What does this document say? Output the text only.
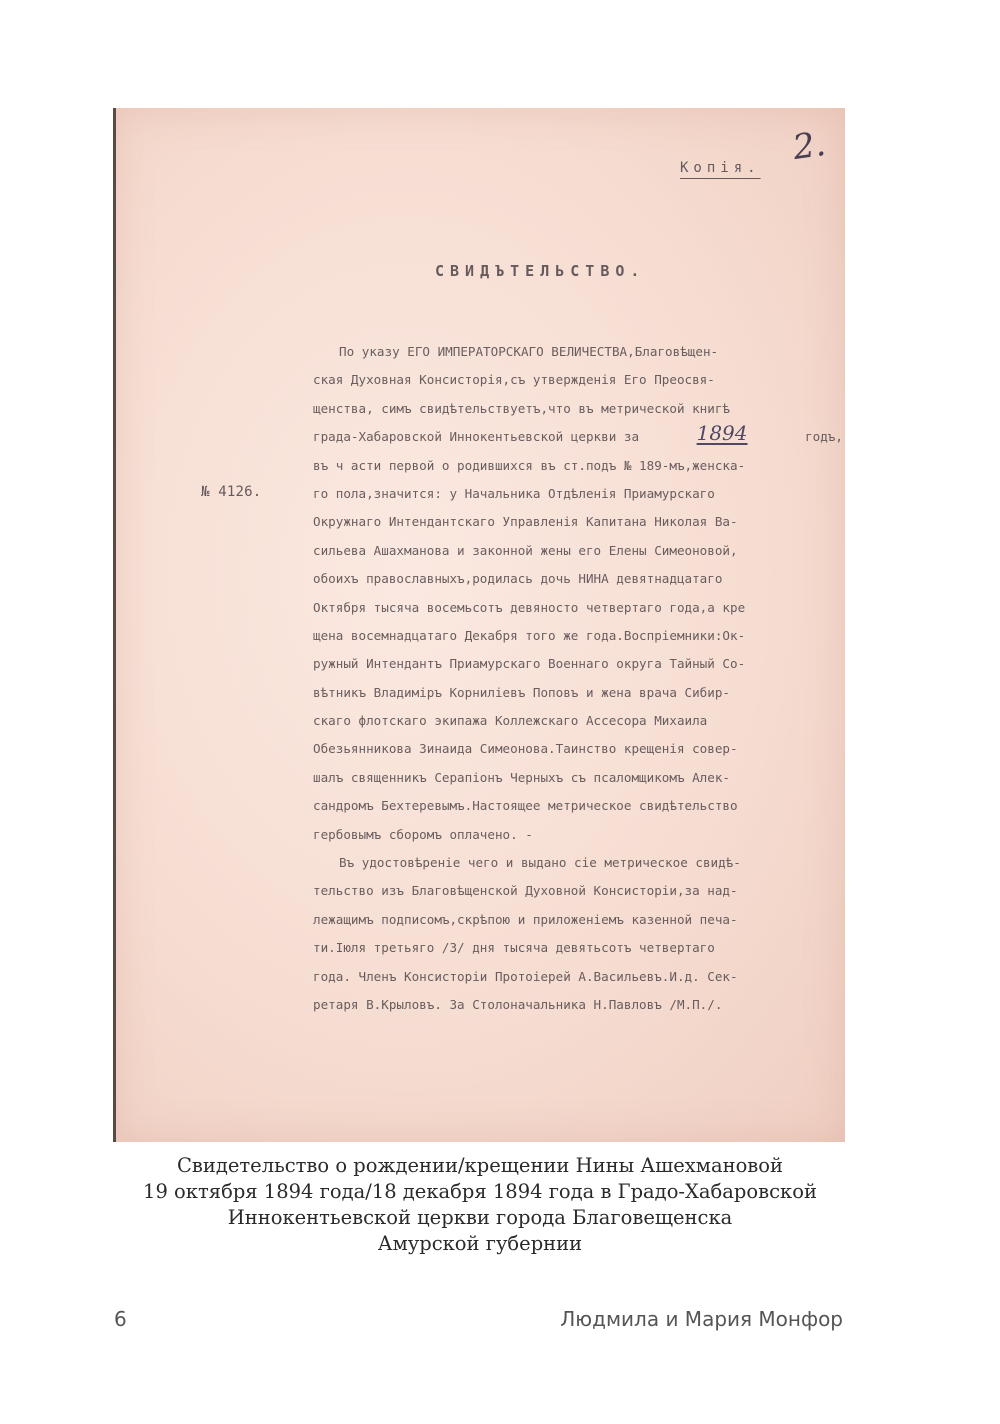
2.
Копія.
СВИДЪТЕЛЬСТВО.
№ 4126.
По указу ЕГО ИМПЕРАТОРСКАГО ВЕЛИЧЕСТВА,Благовѣщен-
ская Духовная Консисторія,съ утвержденія Его Преосвя-
щенства, симъ свидѣтельствуетъ,что въ метрической книгѣ
града-Хабаровской Иннокентьевской церкви за	1894	годъ,
въ ч асти первой о родившихся въ ст.подъ № 189-мъ,женска-
го пола,значится: у Начальника Отдѣленія Приамурскаго
Окружнаго Интендантскаго Управленія Капитана Николая Ва-
сильева Ашахманова и законной жены его Елены Симеоновой,
обоихъ православныхъ,родилась дочь НИНА девятнадцатаго
Октября тысяча восемьсотъ девяносто четвертаго года,а кре
щена восемнадцатаго Декабря того же года.Воспріемники:Ок-
ружный Интендантъ Приамурскаго Военнаго округа Тайный Со-
вѣтникъ Владиміръ Корниліевъ Поповъ и жена врача Сибир-
скаго флотскаго экипажа Коллежскаго Ассесора Михаила
Обезьянникова Зинаида Симеонова.Таинство крещенія совер-
шалъ священникъ Серапіонъ Черныхъ съ псаломщикомъ Алек-
сандромъ Бехтеревымъ.Настоящее метрическое свидѣтельство
гербовымъ сборомъ оплачено. -
Въ удостовѣреніе чего и выдано сіе метрическое свидѣ-
тельство изъ Благовѣщенской Духовной Консисторіи,за над-
лежащимъ подписомъ,скрѣпою и приложеніемъ казенной печа-
ти.Іюля третьяго /3/ дня тысяча девятьсотъ четвертаго
года. Членъ Консисторіи Протоіерей А.Васильевъ.И.д. Сек-
ретаря В.Крыловъ. За Столоначальника Н.Павловъ /М.П./.
Свидетельство о рождении/крещении Нины Ашехмановой
19 октября 1894 года/18 декабря 1894 года в Градо-Хабаровской
Иннокентьевской церкви города Благовещенска
Амурской губернии
6	Людмила и Мария Монфор
